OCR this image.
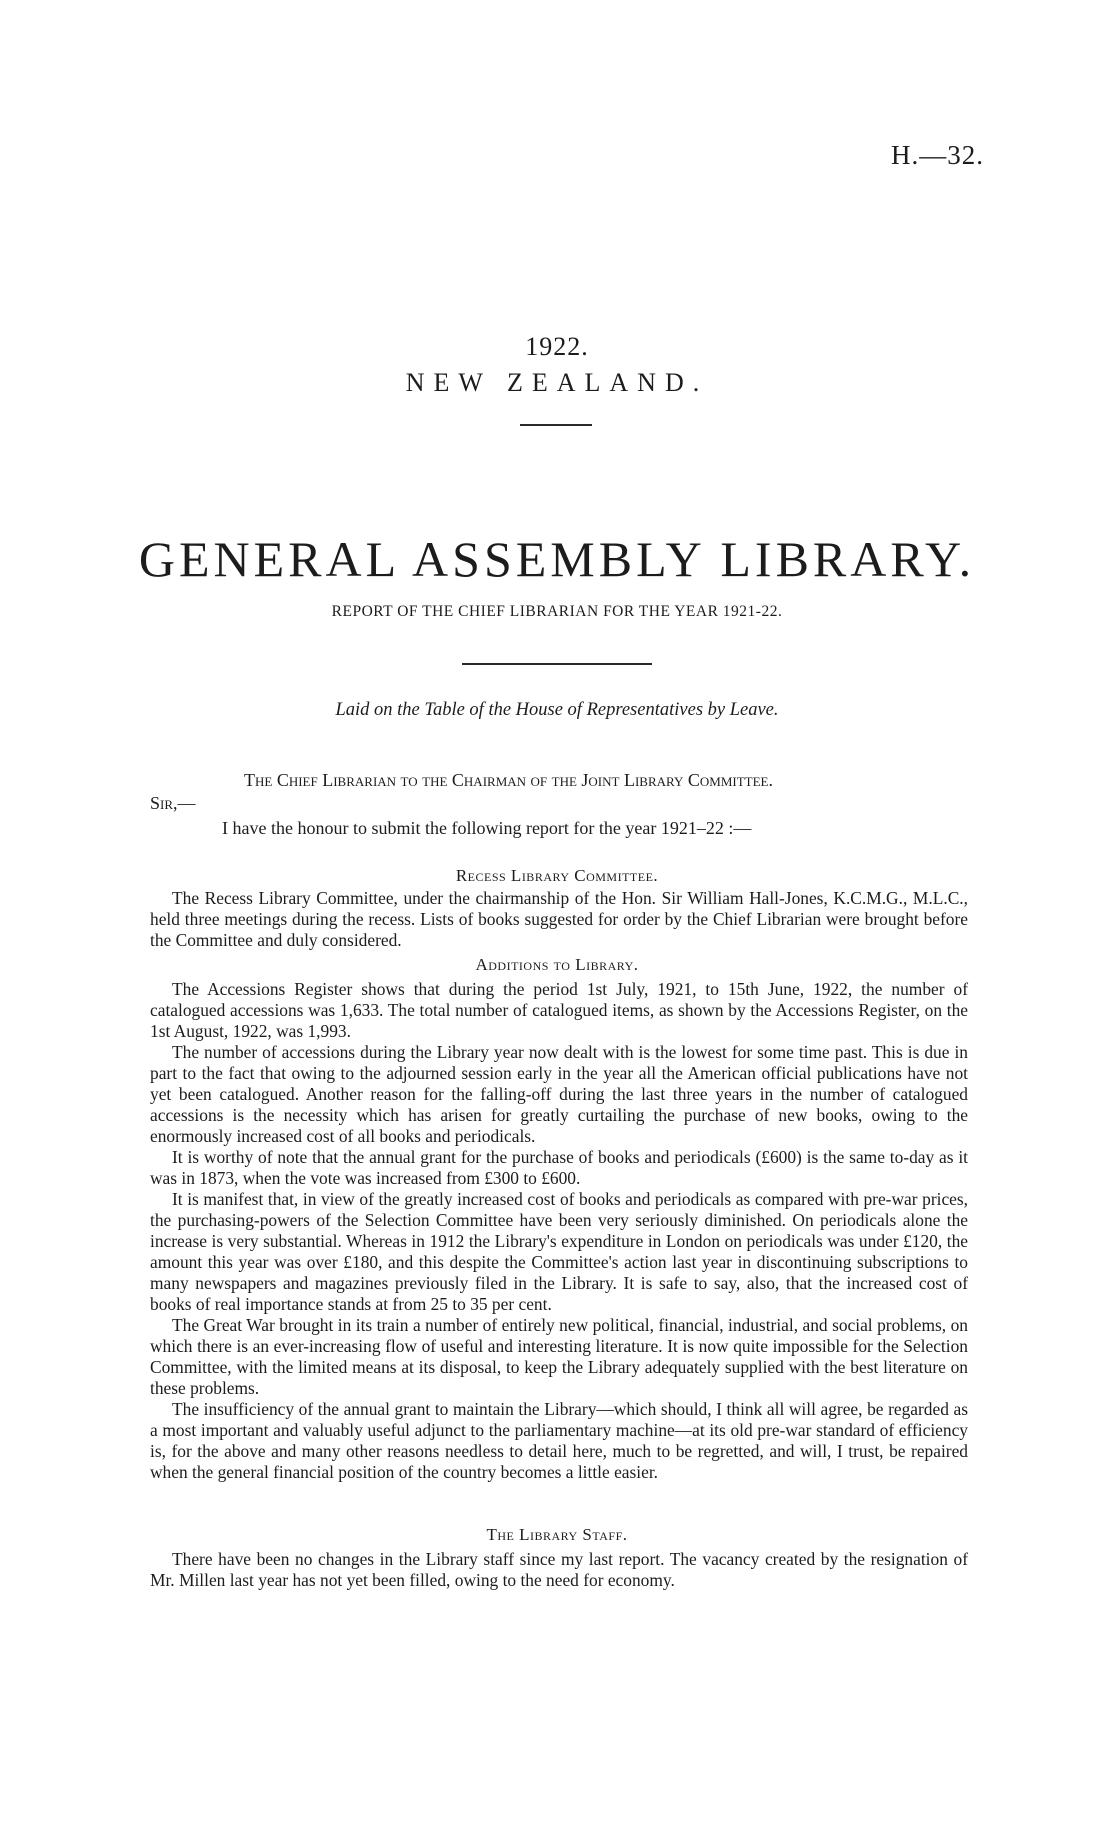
H.—32.
1922.
NEW ZEALAND.
GENERAL ASSEMBLY LIBRARY.
REPORT OF THE CHIEF LIBRARIAN FOR THE YEAR 1921-22.
Laid on the Table of the House of Representatives by Leave.
The Chief Librarian to the Chairman of the Joint Library Committee.
Sir,—
I have the honour to submit the following report for the year 1921–22 :—
Recess Library Committee.

The Recess Library Committee, under the chairmanship of the Hon. Sir William Hall-Jones, K.C.M.G., M.L.C., held three meetings during the recess. Lists of books suggested for order by the Chief Librarian were brought before the Committee and duly considered.

Additions to Library.

The Accessions Register shows that during the period 1st July, 1921, to 15th June, 1922, the number of catalogued accessions was 1,633. The total number of catalogued items, as shown by the Accessions Register, on the 1st August, 1922, was 1,993.

The number of accessions during the Library year now dealt with is the lowest for some time past. This is due in part to the fact that owing to the adjourned session early in the year all the American official publications have not yet been catalogued. Another reason for the falling-off during the last three years in the number of catalogued accessions is the necessity which has arisen for greatly curtailing the purchase of new books, owing to the enormously increased cost of all books and periodicals.

It is worthy of note that the annual grant for the purchase of books and periodicals (£600) is the same to-day as it was in 1873, when the vote was increased from £300 to £600.

It is manifest that, in view of the greatly increased cost of books and periodicals as compared with pre-war prices, the purchasing-powers of the Selection Committee have been very seriously diminished. On periodicals alone the increase is very substantial. Whereas in 1912 the Library's expenditure in London on periodicals was under £120, the amount this year was over £180, and this despite the Committee's action last year in discontinuing subscriptions to many newspapers and magazines previously filed in the Library. It is safe to say, also, that the increased cost of books of real importance stands at from 25 to 35 per cent.

The Great War brought in its train a number of entirely new political, financial, industrial, and social problems, on which there is an ever-increasing flow of useful and interesting literature. It is now quite impossible for the Selection Committee, with the limited means at its disposal, to keep the Library adequately supplied with the best literature on these problems.

The insufficiency of the annual grant to maintain the Library—which should, I think all will agree, be regarded as a most important and valuably useful adjunct to the parliamentary machine—at its old pre-war standard of efficiency is, for the above and many other reasons needless to detail here, much to be regretted, and will, I trust, be repaired when the general financial position of the country becomes a little easier.

The Library Staff.

There have been no changes in the Library staff since my last report. The vacancy created by the resignation of Mr. Millen last year has not yet been filled, owing to the need for economy.
